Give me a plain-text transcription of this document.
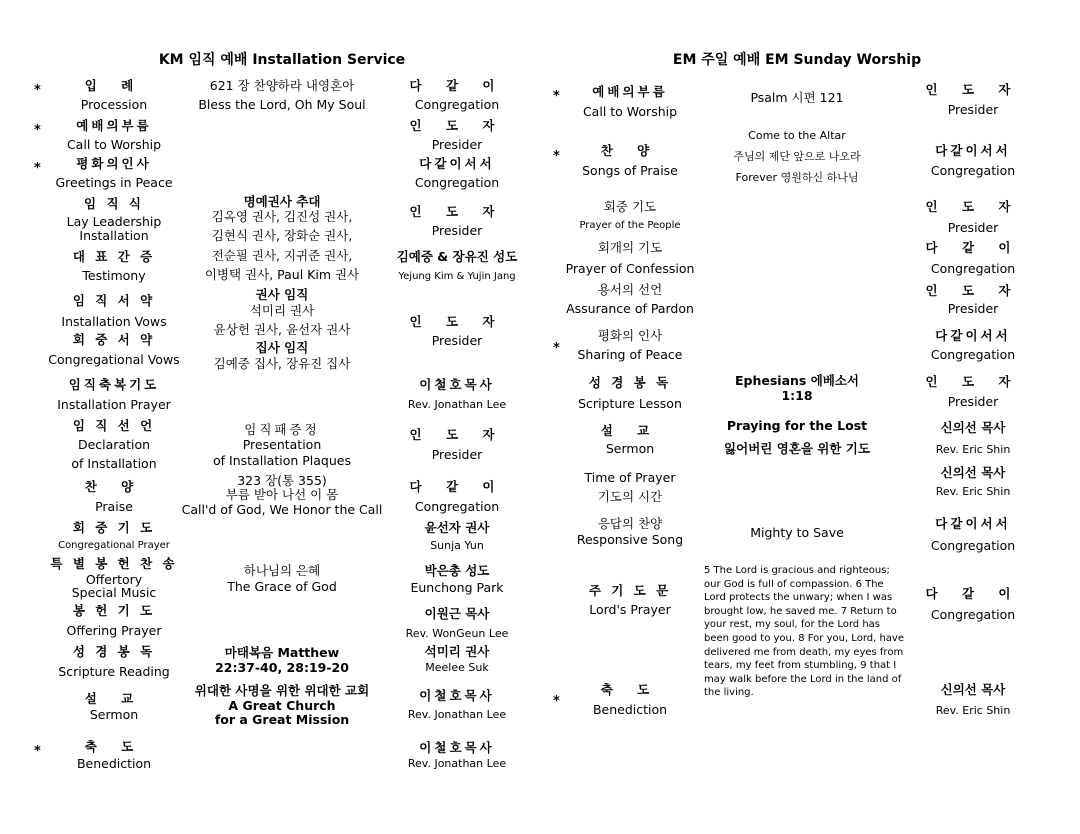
KM 임직 예배 Installation Service
*
*
*
*
입 례
Procession
예배의부름
Call to Worship
평화의인사
Greetings in Peace
임 직 식
Lay Leadership
Installation
대 표 간 증
Testimony
임 직 서 약
Installation Vows
회 중 서 약
Congregational Vows
임직축복기도
Installation Prayer
임 직 선 언
Declaration
of Installation
찬 양
Praise
회 중 기 도
Congregational Prayer
특 별 봉 헌 찬 송
Offertory
Special Music
봉 헌 기 도
Offering Prayer
성 경 봉 독
Scripture Reading
설 교
Sermon
축 도
Benediction
621 장 찬양하라 내영혼아
Bless the Lord, Oh My Soul
명예권사 추대
김옥영 권사, 김진성 권사,
김현식 권사, 장화순 권사,
전순필 권사, 지귀준 권사,
이병택 권사, Paul Kim 권사
권사 임직
석미리 권사
윤상헌 권사, 윤선자 권사
집사 임직
김예중 집사, 장유진 집사
임직패증정
Presentation
of Installation Plaques
323 장(통 355)
부름 받아 나선 이 몸
Call'd of God, We Honor the Call
하나님의 은혜
The Grace of God
마태복음 Matthew
22:37-40, 28:19-20
위대한 사명을 위한 위대한 교회
A Great Church
for a Great Mission
다 같 이
Congregation
인 도 자
Presider
다같이서서
Congregation
인 도 자
Presider
김예중 & 장유진 성도
Yejung Kim & Yujin Jang
인 도 자
Presider
이철호목사
Rev. Jonathan Lee
인 도 자
Presider
다 같 이
Congregation
윤선자 권사
Sunja Yun
박은총 성도
Eunchong Park
이원근 목사
Rev. WonGeun Lee
석미리 권사
Meelee Suk
이철호목사
Rev. Jonathan Lee
이철호목사
Rev. Jonathan Lee
EM 주일 예배 EM Sunday Worship
*
*
*
*
예배의부름
Call to Worship
찬 양
Songs of Praise
회중 기도
Prayer of the People
회개의 기도
Prayer of Confession
용서의 선언
Assurance of Pardon
평화의 인사
Sharing of Peace
성 경 봉 독
Scripture Lesson
설 교
Sermon
Time of Prayer
기도의 시간
응답의 찬양
Responsive Song
주 기 도 문
Lord's Prayer
축 도
Benediction
Psalm 시편 121
Come to the Altar
주님의 제단 앞으로 나오라
Forever 영원하신 하나님
Ephesians 에베소서
1:18
Praying for the Lost
잃어버린 영혼을 위한 기도
Mighty to Save
5 The Lord is gracious and righteous; our God is full of compassion. 6 The Lord protects the unwary; when I was brought low, he saved me. 7 Return to your rest, my soul, for the Lord has been good to you. 8 For you, Lord, have delivered me from death, my eyes from tears, my feet from stumbling, 9 that I may walk before the Lord in the land of the living.
인 도 자
Presider
다같이서서
Congregation
인 도 자
Presider
다 같 이
Congregation
인 도 자
Presider
다같이서서
Congregation
인 도 자
Presider
신의선 목사
Rev. Eric Shin
신의선 목사
Rev. Eric Shin
다같이서서
Congregation
다 같 이
Congregation
신의선 목사
Rev. Eric Shin
